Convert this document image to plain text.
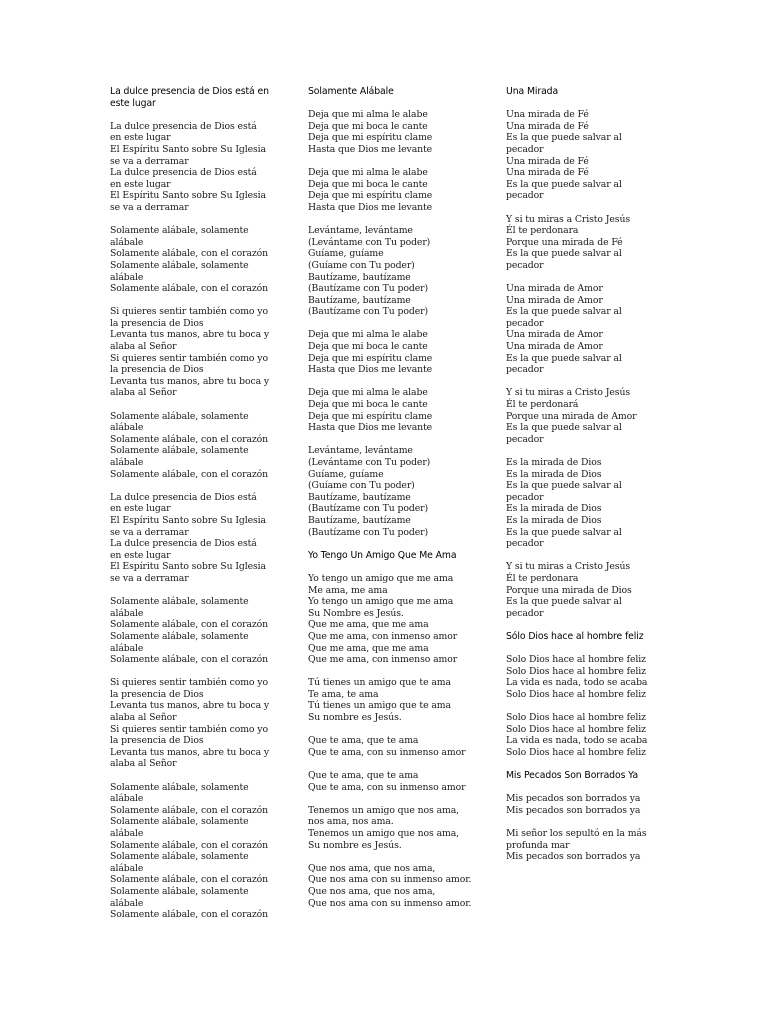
La dulce presencia de Dios está en este lugar
La dulce presencia de Dios está en este lugar
El Espíritu Santo sobre Su Iglesia se va a derramar
La dulce presencia de Dios está en este lugar
El Espíritu Santo sobre Su Iglesia se va a derramar
Solamente alábale, solamente alábale
Solamente alábale, con el corazón
Solamente alábale, solamente alábale
Solamente alábale, con el corazón
Si quieres sentir también como yo la presencia de Dios
Levanta tus manos, abre tu boca y alaba al Señor
Si quieres sentir también como yo la presencia de Dios
Levanta tus manos, abre tu boca y alaba al Señor
Solamente alábale, solamente alábale
Solamente alábale, con el corazón
Solamente alábale, solamente alábale
Solamente alábale, con el corazón
La dulce presencia de Dios está en este lugar
El Espíritu Santo sobre Su Iglesia se va a derramar
La dulce presencia de Dios está en este lugar
El Espíritu Santo sobre Su Iglesia se va a derramar
Solamente alábale, solamente alábale
Solamente alábale, con el corazón
Solamente alábale, solamente alábale
Solamente alábale, con el corazón
Si quieres sentir también como yo la presencia de Dios
Levanta tus manos, abre tu boca y alaba al Señor
Si quieres sentir también como yo la presencia de Dios
Levanta tus manos, abre tu boca y alaba al Señor
Solamente alábale, solamente alábale
Solamente alábale, con el corazón
Solamente alábale, solamente alábale
Solamente alábale, con el corazón
Solamente alábale, solamente alábale
Solamente alábale, con el corazón
Solamente alábale, solamente alábale
Solamente alábale, con el corazón
Solamente Alábale
Deja que mi alma le alabe
Deja que mi boca le cante
Deja que mi espíritu clame
Hasta que Dios me levante
Deja que mi alma le alabe
Deja que mi boca le cante
Deja que mi espíritu clame
Hasta que Dios me levante
Levántame, levántame
(Levántame con Tu poder)
Guíame, guíame
(Guíame con Tu poder)
Bautízame, bautízame
(Bautízame con Tu poder)
Bautízame, bautízame
(Bautízame con Tu poder)
Deja que mi alma le alabe
Deja que mi boca le cante
Deja que mi espíritu clame
Hasta que Dios me levante
Deja que mi alma le alabe
Deja que mi boca le cante
Deja que mi espíritu clame
Hasta que Dios me levante
Levántame, levántame
(Levántame con Tu poder)
Guíame, guíame
(Guíame con Tu poder)
Bautízame, bautízame
(Bautízame con Tu poder)
Bautízame, bautízame
(Bautízame con Tu poder)
Yo Tengo Un Amigo Que Me Ama
Yo tengo un amigo que me ama
Me ama, me ama
Yo tengo un amigo que me ama
Su Nombre es Jesús.
Que me ama, que me ama
Que me ama, con inmenso amor
Que me ama, que me ama
Que me ama, con inmenso amor
Tú tienes un amigo que te ama
Te ama, te ama
Tú tienes un amigo que te ama
Su nombre es Jesús.
Que te ama, que te ama
Que te ama, con su inmenso amor
Que te ama, que te ama
Que te ama, con su inmenso amor
Tenemos un amigo que nos ama,
nos ama, nos ama.
Tenemos un amigo que nos ama,
Su nombre es Jesús.
Que nos ama, que nos ama,
Que nos ama con su inmenso amor.
Que nos ama, que nos ama,
Que nos ama con su inmenso amor.
Una Mirada
Una mirada de Fé
Una mirada de Fé
Es la que puede salvar al pecador
Una mirada de Fé
Una mirada de Fé
Es la que puede salvar al pecador
Y si tu miras a Cristo Jesús
Él te perdonara
Porque una mirada de Fé
Es la que puede salvar al pecador
Una mirada de Amor
Una mirada de Amor
Es la que puede salvar al pecador
Una mirada de Amor
Una mirada de Amor
Es la que puede salvar al pecador
Y si tu miras a Cristo Jesús
Él te perdonará
Porque una mirada de Amor
Es la que puede salvar al pecador
Es la mirada de Dios
Es la mirada de Dios
Es la que puede salvar al pecador
Es la mirada de Dios
Es la mirada de Dios
Es la que puede salvar al pecador
Y si tu miras a Cristo Jesús
Él te perdonara
Porque una mirada de Dios
Es la que puede salvar al pecador
Sólo Dios hace al hombre feliz
Solo Dios hace al hombre feliz
Solo Dios hace al hombre feliz
La vida es nada, todo se acaba
Solo Dios hace al hombre feliz
Solo Dios hace al hombre feliz
Solo Dios hace al hombre feliz
La vida es nada, todo se acaba
Solo Dios hace al hombre feliz
Mis Pecados Son Borrados Ya
Mis pecados son borrados ya
Mis pecados son borrados ya
Mi señor los sepultó en la más profunda mar
Mis pecados son borrados ya
